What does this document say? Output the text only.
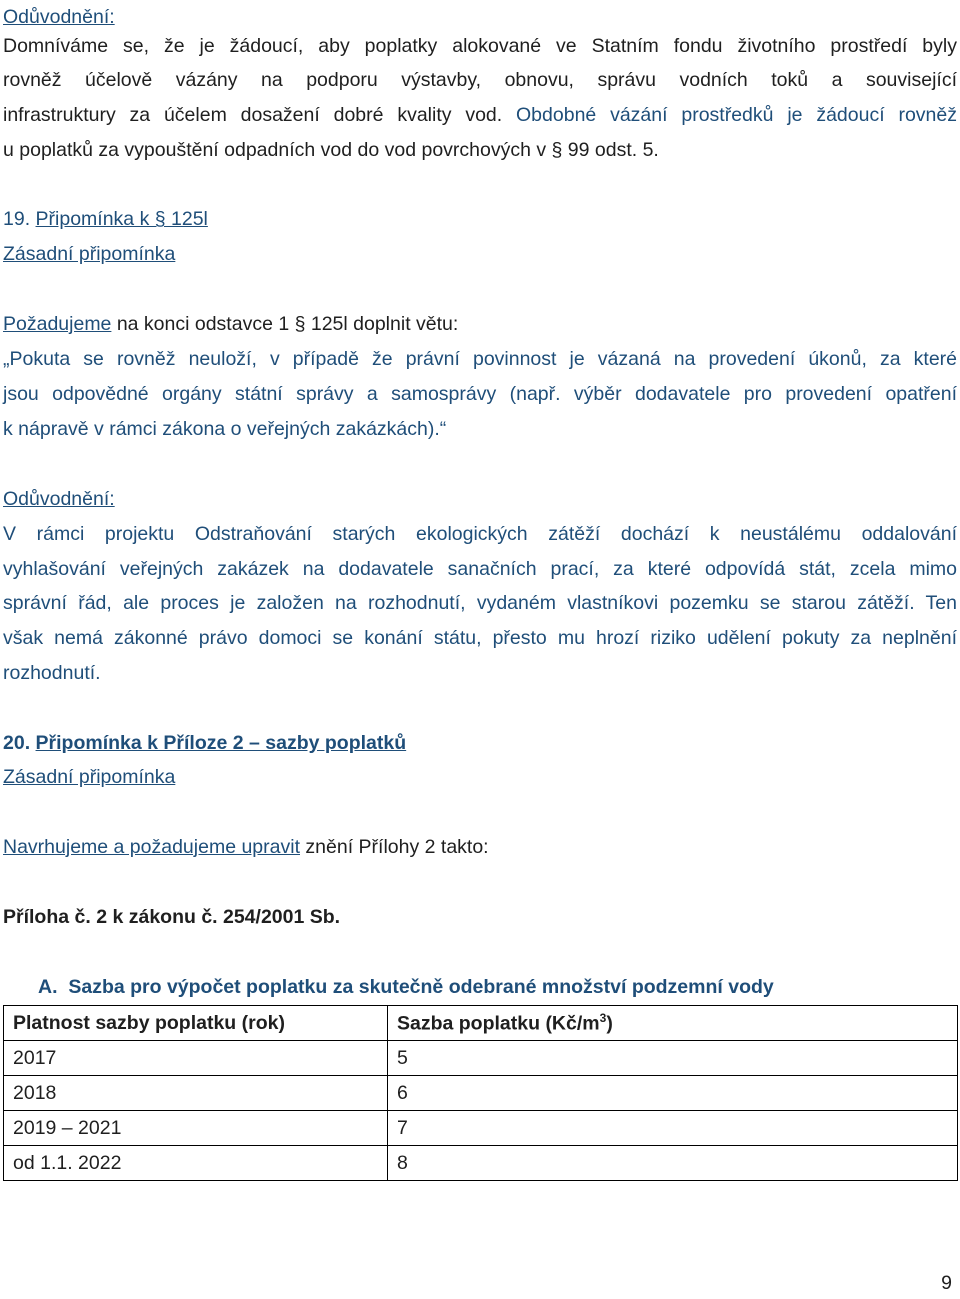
Odůvodnění:
Domníváme se, že je žádoucí, aby poplatky alokované ve Statním fondu životního prostředí byly
rovněž účelově vázány na podporu výstavby, obnovu, správu vodních toků a související
infrastruktury za účelem dosažení dobré kvality vod. Obdobné vázání prostředků je žádoucí rovněž
u poplatků za vypouštění odpadních vod do vod povrchových v § 99 odst. 5.
19. Připomínka k § 125l
Zásadní připomínka
Požadujeme na konci odstavce 1 § 125l doplnit větu:
„Pokuta se rovněž neuloží, v případě že právní povinnost je vázaná na provedení úkonů, za které
jsou odpovědné orgány státní správy a samosprávy (např. výběr dodavatele pro provedení opatření
k nápravě v rámci zákona o veřejných zakázkách).“
Odůvodnění:
V rámci projektu Odstraňování starých ekologických zátěží dochází k neustálému oddalování
vyhlašování veřejných zakázek na dodavatele sanačních prací, za které odpovídá stát, zcela mimo
správní řád, ale proces je založen na rozhodnutí, vydaném vlastníkovi pozemku se starou zátěží. Ten
však nemá zákonné právo domoci se konání státu, přesto mu hrozí riziko udělení pokuty za neplnění
rozhodnutí.
20. Připomínka k Příloze 2 – sazby poplatků
Zásadní připomínka
Navrhujeme a požadujeme upravit znění Přílohy 2 takto:
Příloha č. 2 k zákonu č. 254/2001 Sb.
A. Sazba pro výpočet poplatku za skutečně odebrané množství podzemní vody
Platnost sazby poplatku (rok)	Sazba poplatku $(Kč/m^3)$
2017	5
2018	6
2019 – 2021	7
od 1.1. 2022	8
9
